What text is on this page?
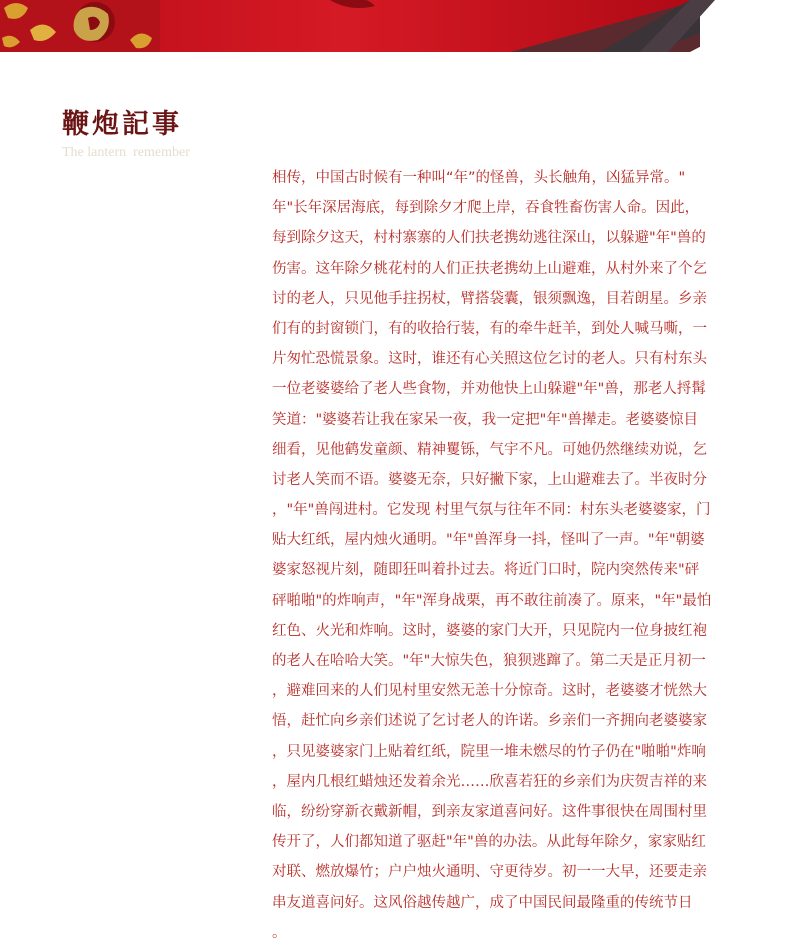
鞭炮記事
The lantern  remember
相传，中国古时候有一种叫“年”的怪兽，头长触角，凶猛异常。"
年"长年深居海底，每到除夕才爬上岸，吞食牲畜伤害人命。因此，
每到除夕这天，村村寨寨的人们扶老携幼逃往深山，以躲避"年"兽的
伤害。这年除夕桃花村的人们正扶老携幼上山避难，从村外来了个乞
讨的老人，只见他手拄拐杖，臂搭袋囊，银须飘逸，目若朗星。乡亲
们有的封窗锁门，有的收拾行装，有的牵牛赶羊，到处人喊马嘶，一
片匆忙恐慌景象。这时，谁还有心关照这位乞讨的老人。只有村东头
一位老婆婆给了老人些食物，并劝他快上山躲避"年"兽，那老人捋髯
笑道："婆婆若让我在家呆一夜，我一定把"年"兽撵走。老婆婆惊目
细看，见他鹤发童颜、精神矍铄，气宇不凡。可她仍然继续劝说，乞
讨老人笑而不语。婆婆无奈，只好撇下家，上山避难去了。半夜时分
，"年"兽闯进村。它发现 村里气氛与往年不同：村东头老婆婆家，门
贴大红纸，屋内烛火通明。"年"兽浑身一抖，怪叫了一声。"年"朝婆
婆家怒视片刻，随即狂叫着扑过去。将近门口时，院内突然传来"砰
砰啪啪"的炸响声，"年"浑身战栗，再不敢往前凑了。原来，"年"最怕
红色、火光和炸响。这时，婆婆的家门大开，只见院内一位身披红袍
的老人在哈哈大笑。"年"大惊失色，狼狈逃蹿了。第二天是正月初一
，避难回来的人们见村里安然无恙十分惊奇。这时，老婆婆才恍然大
悟，赶忙向乡亲们述说了乞讨老人的许诺。乡亲们一齐拥向老婆婆家
，只见婆婆家门上贴着红纸，院里一堆未燃尽的竹子仍在"啪啪"炸响
，屋内几根红蜡烛还发着余光……欣喜若狂的乡亲们为庆贺吉祥的来
临，纷纷穿新衣戴新帽，到亲友家道喜问好。这件事很快在周围村里
传开了，人们都知道了驱赶"年"兽的办法。从此每年除夕，家家贴红
对联、燃放爆竹；户户烛火通明、守更待岁。初一一大早，还要走亲
串友道喜问好。这风俗越传越广，成了中国民间最隆重的传统节日
。
